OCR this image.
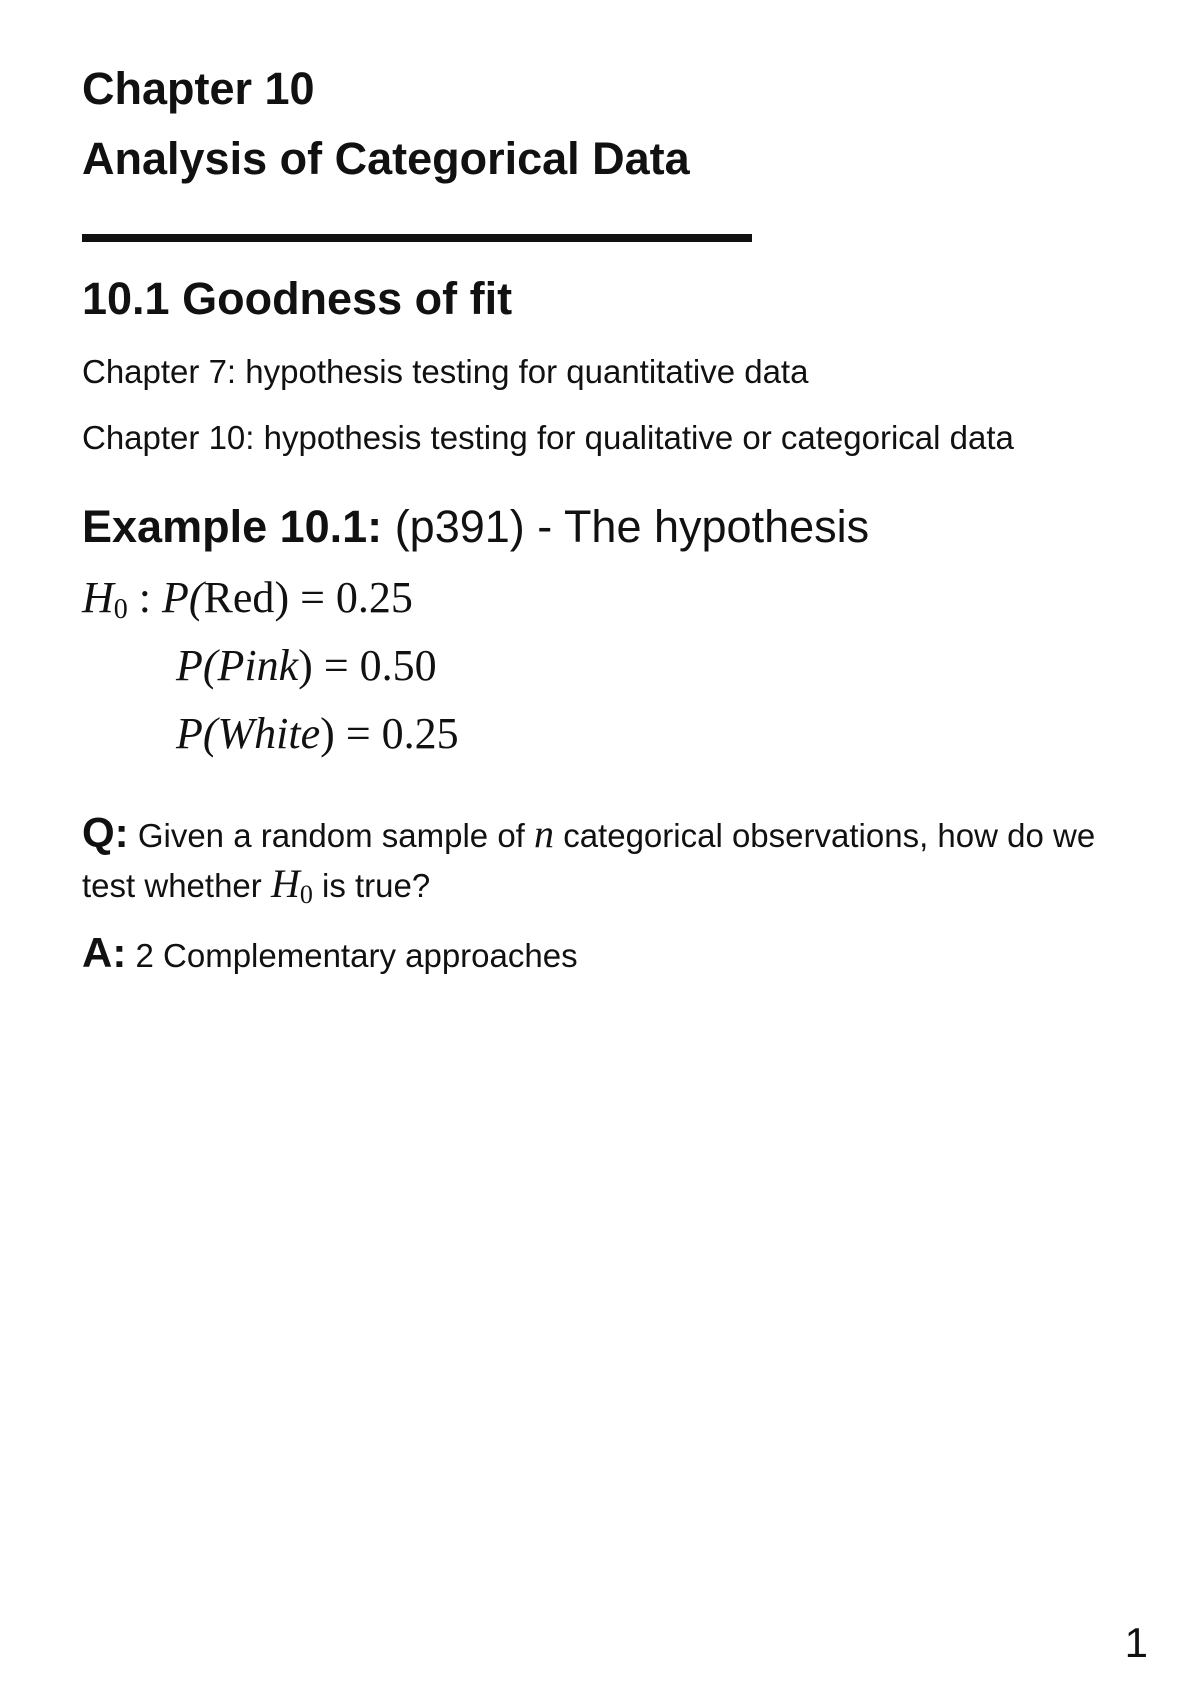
Chapter 10
Analysis of Categorical Data
10.1 Goodness of fit
Chapter 7: hypothesis testing for quantitative data
Chapter 10: hypothesis testing for qualitative or categorical data
Example 10.1: (p391) - The hypothesis
$H_0$ : P(Red) = 0.25
P(Pink) = 0.50
P(White) = 0.25
Q: Given a random sample of n categorical observations, how do we
test whether $H_0$ is true?
A: 2 Complementary approaches
1
